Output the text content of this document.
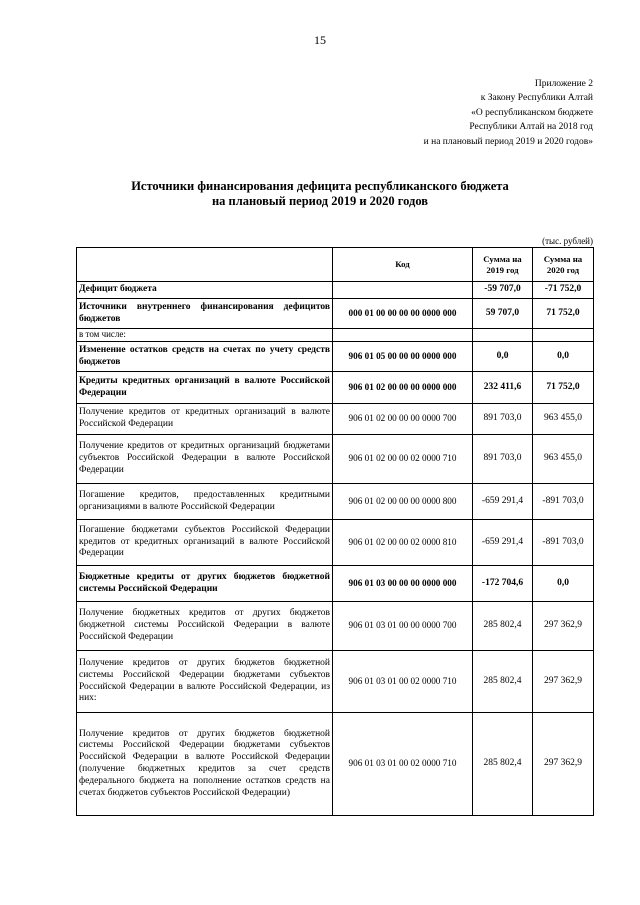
15
Приложение 2
к Закону Республики Алтай
«О республиканском бюджете
Республики Алтай на 2018 год
и на плановый период 2019 и 2020 годов»
Источники финансирования дефицита республиканского бюджета
на плановый период 2019 и 2020 годов
(тыс. рублей)
	Код	Сумма на 2019 год	Сумма на 2020 год
Дефицит бюджета		-59 707,0	-71 752,0
Источники внутреннего финансирования дефицитов бюджетов	000 01 00 00 00 00 0000 000	59 707,0	71 752,0
в том числе:			
Изменение остатков средств на счетах по учету средств бюджетов	906 01 05 00 00 00 0000 000	0,0	0,0
Кредиты кредитных организаций в валюте Российской Федерации	906 01 02 00 00 00 0000 000	232 411,6	71 752,0
Получение кредитов от кредитных организаций в валюте Российской Федерации	906 01 02 00 00 00 0000 700	891 703,0	963 455,0
Получение кредитов от кредитных организаций бюджетами субъектов Российской Федерации в валюте Российской Федерации	906 01 02 00 00 02 0000 710	891 703,0	963 455,0
Погашение кредитов, предоставленных кредитными организациями в валюте Российской Федерации	906 01 02 00 00 00 0000 800	-659 291,4	-891 703,0
Погашение бюджетами субъектов Российской Федерации кредитов от кредитных организаций в валюте Российской Федерации	906 01 02 00 00 02 0000 810	-659 291,4	-891 703,0
Бюджетные кредиты от других бюджетов бюджетной системы Российской Федерации	906 01 03 00 00 00 0000 000	-172 704,6	0,0
Получение бюджетных кредитов от других бюджетов бюджетной системы Российской Федерации в валюте Российской Федерации	906 01 03 01 00 00 0000 700	285 802,4	297 362,9
Получение кредитов от других бюджетов бюджетной системы Российской Федерации бюджетами субъектов Российской Федерации в валюте Российской Федерации, из них:	906 01 03 01 00 02 0000 710	285 802,4	297 362,9
Получение кредитов от других бюджетов бюджетной системы Российской Федерации бюджетами субъектов Российской Федерации в валюте Российской Федерации (получение бюджетных кредитов за счет средств федерального бюджета на пополнение остатков средств на счетах бюджетов субъектов Российской Федерации)	906 01 03 01 00 02 0000 710	285 802,4	297 362,9
